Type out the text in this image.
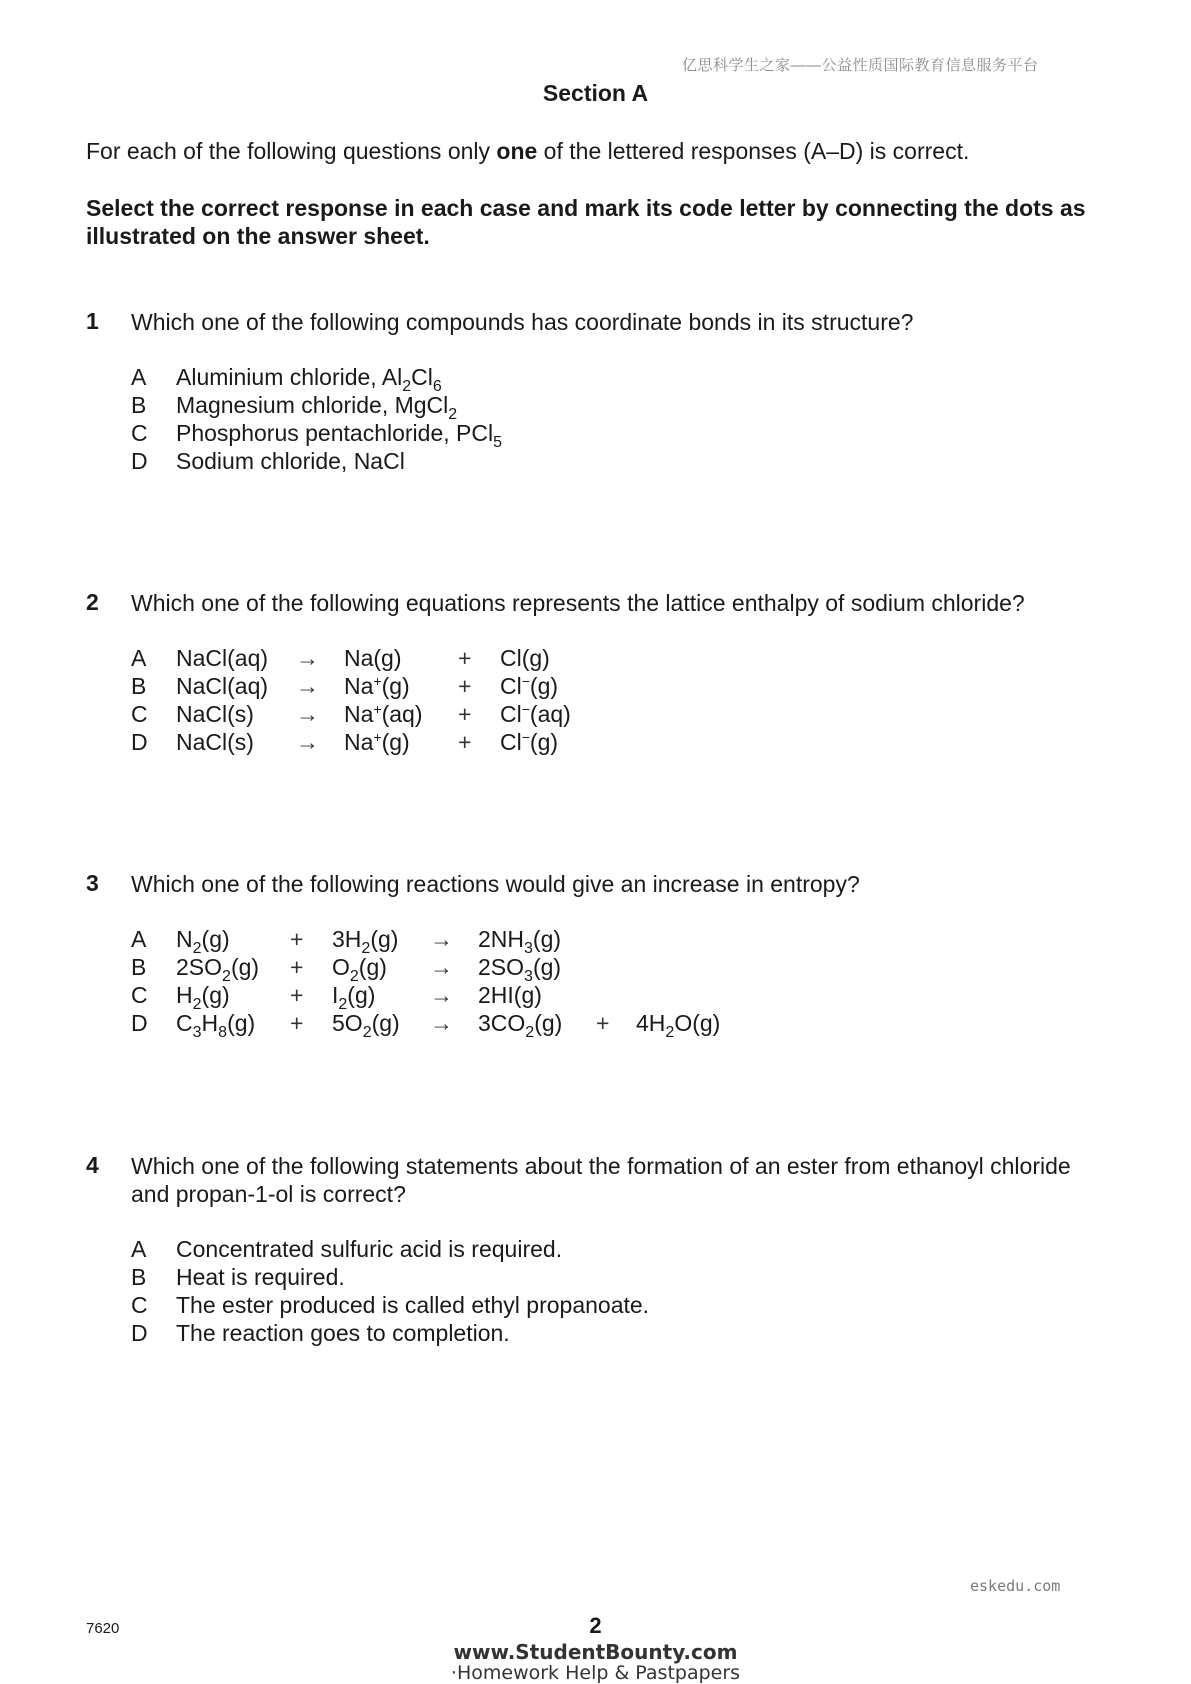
亿思科学生之家——公益性质国际教育信息服务平台
Section A
For each of the following questions only one of the lettered responses (A–D) is correct.
Select the correct response in each case and mark its code letter by connecting the dots as illustrated on the answer sheet.
1 Which one of the following compounds has coordinate bonds in its structure?
A Aluminium chloride, $Al_2Cl_6$
B Magnesium chloride, MgCl$_2$
C Phosphorus pentachloride, PCl$_5$
D Sodium chloride, NaCl
2 Which one of the following equations represents the lattice enthalpy of sodium chloride?
A NaCl(aq) → Na(g) + Cl(g)
B NaCl(aq) → Na+(g) + Cl−(g)
C NaCl(s) → Na+(aq) + Cl−(aq)
D NaCl(s) → Na+(g) + Cl−(g)
3 Which one of the following reactions would give an increase in entropy?
A $N_2(g)$	+ $3H_2(g) \to 2NH_3(g)$
B $2SO_2(g) + O_2(g) \to 2SO_3(g)$
C $H_2(g)$	+ $I_2(g) \to 2HI(g)$
D $C_3H_8(g) + 5O_2(g) \to 3CO_2(g) + 4H_2O(g)$
4 Which one of the following statements about the formation of an ester from ethanoyl chloride and propan-1-ol is correct?
A Concentrated sulfuric acid is required.
B Heat is required.
C The ester produced is called ethyl propanoate.
D The reaction goes to completion.
eskedu.com
7620	2
www.StudentBounty.com
·Homework Help & Pastpapers
